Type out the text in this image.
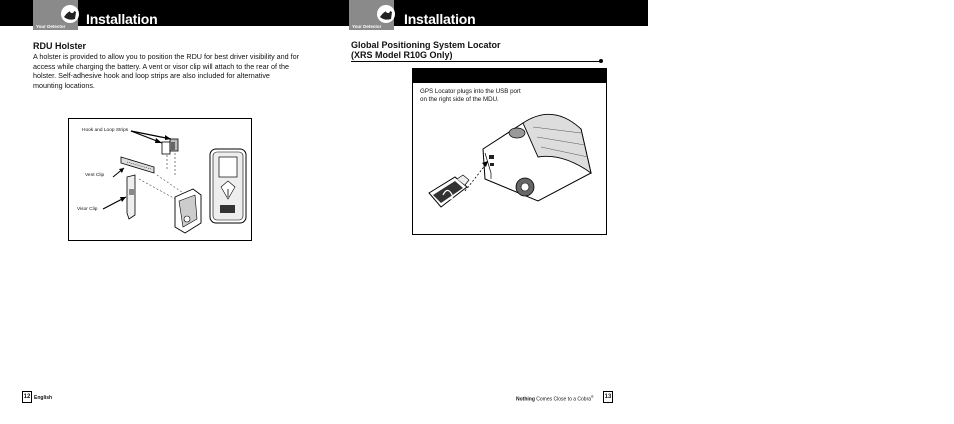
Your Detector Installation	Your Detector Installation
RDU Holster
A holster is provided to allow you to position the RDU for best driver visibility and for access while charging the battery. A vent or visor clip will attach to the rear of the holster. Self-adhesive hook and loop strips are also included for alternative mounting locations.
Hook and Loop Strips
Vent Clip
Visor Clip
12 English
Global Positioning System Locator
(XRS Model R10G Only)
GPS Locator plugs into the USB port
on the right side of the MDU.
Nothing Comes Close to a Cobra® 13
